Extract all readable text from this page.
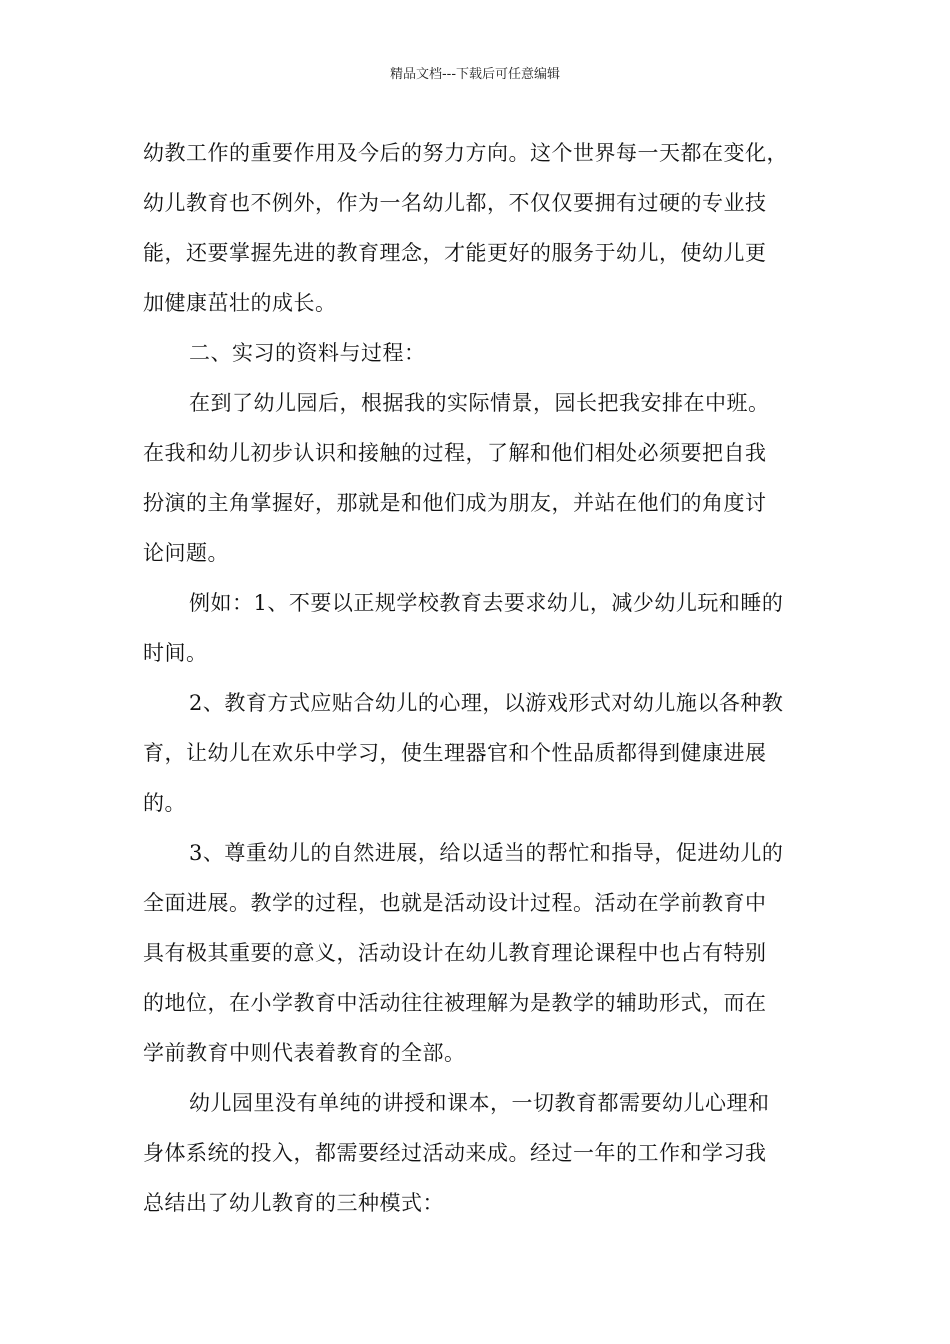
精品文档---下载后可任意编辑
幼教工作的重要作用及今后的努力方向。这个世界每一天都在变化，
幼儿教育也不例外，作为一名幼儿都，不仅仅要拥有过硬的专业技
能，还要掌握先进的教育理念，才能更好的服务于幼儿，使幼儿更
加健康茁壮的成长。
二、实习的资料与过程：
在到了幼儿园后，根据我的实际情景，园长把我安排在中班。
在我和幼儿初步认识和接触的过程，了解和他们相处必须要把自我
扮演的主角掌握好，那就是和他们成为朋友，并站在他们的角度讨
论问题。
例如：1、不要以正规学校教育去要求幼儿，减少幼儿玩和睡的
时间。
2、教育方式应贴合幼儿的心理，以游戏形式对幼儿施以各种教
育，让幼儿在欢乐中学习，使生理器官和个性品质都得到健康进展
的。
3、尊重幼儿的自然进展，给以适当的帮忙和指导，促进幼儿的
全面进展。教学的过程，也就是活动设计过程。活动在学前教育中
具有极其重要的意义，活动设计在幼儿教育理论课程中也占有特别
的地位，在小学教育中活动往往被理解为是教学的辅助形式，而在
学前教育中则代表着教育的全部。
幼儿园里没有单纯的讲授和课本，一切教育都需要幼儿心理和
身体系统的投入，都需要经过活动来成。经过一年的工作和学习我
总结出了幼儿教育的三种模式：
